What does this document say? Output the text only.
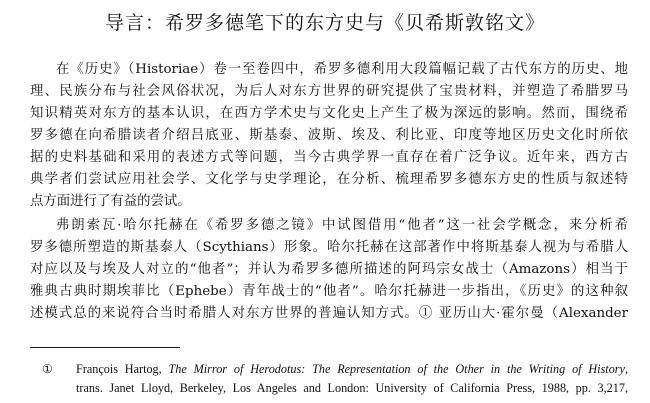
导言：希罗多德笔下的东方史与《贝希斯敦铭文》
在《历史》（Historiae）卷一至卷四中，希罗多德利用大段篇幅记载了古代东方的历史、地
理、民族分布与社会风俗状况，为后人对东方世界的研究提供了宝贵材料，并塑造了希腊罗马
知识精英对东方的基本认识，在西方学术史与文化史上产生了极为深远的影响。然而，围绕希
罗多德在向希腊读者介绍吕底亚、斯基泰、波斯、埃及、利比亚、印度等地区历史文化时所依
据的史料基础和采用的表述方式等问题，当今古典学界一直存在着广泛争议。近年来，西方古
典学者们尝试应用社会学、文化学与史学理论，在分析、梳理希罗多德东方史的性质与叙述特
点方面进行了有益的尝试。
弗朗索瓦·哈尔托赫在《希罗多德之镜》中试图借用“他者”这一社会学概念，来分析希
罗多德所塑造的斯基泰人（Scythians）形象。哈尔托赫在这部著作中将斯基泰人视为与希腊人
对应以及与埃及人对立的“他者”；并认为希罗多德所描述的阿玛宗女战士（Amazons）相当于
雅典古典时期埃菲比（Ephebe）青年战士的“他者”。哈尔托赫进一步指出，《历史》的这种叙
述模式总的来说符合当时希腊人对东方世界的普遍认知方式。① 亚历山大·霍尔曼（Alexander
① François Hartog, The Mirror of Herodotus: The Representation of the Other in the Writing of History,
trans. Janet Lloyd, Berkeley, Los Angeles and London: University of California Press, 1988, pp. 3,217,
